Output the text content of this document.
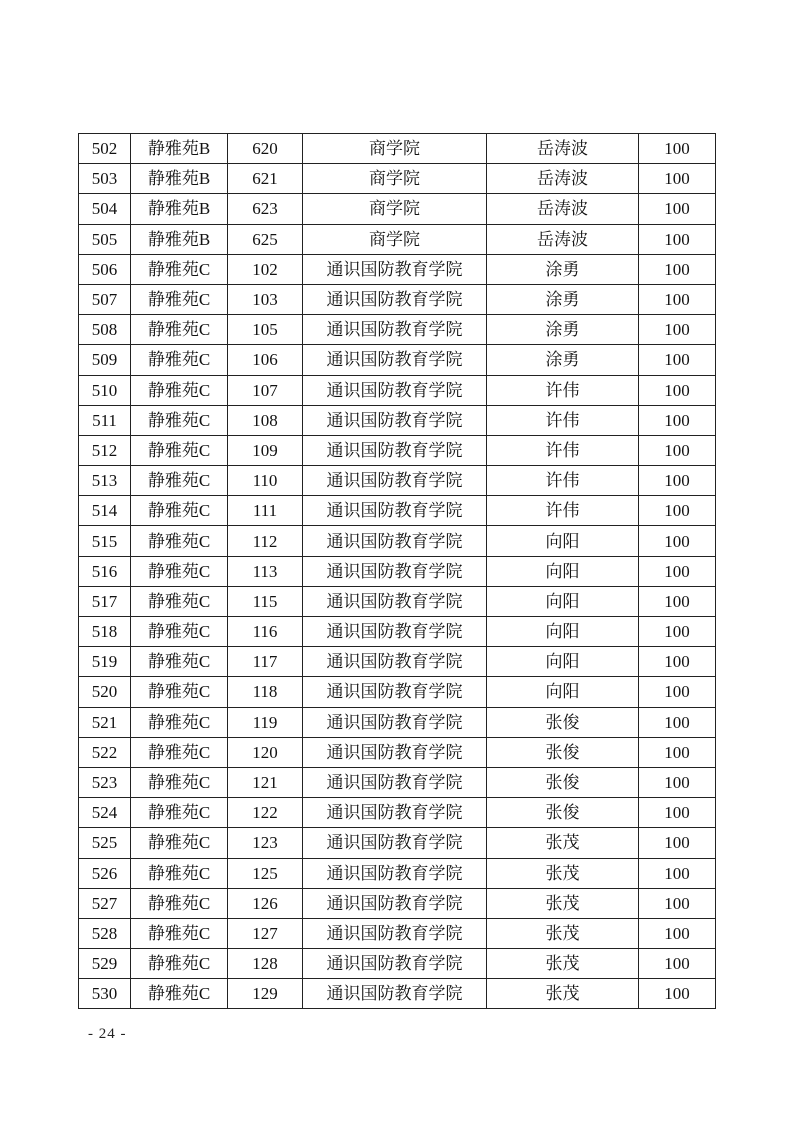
502	静雅苑B	620	商学院	岳涛波	100
503	静雅苑B	621	商学院	岳涛波	100
504	静雅苑B	623	商学院	岳涛波	100
505	静雅苑B	625	商学院	岳涛波	100
506	静雅苑C	102	通识国防教育学院	涂勇	100
507	静雅苑C	103	通识国防教育学院	涂勇	100
508	静雅苑C	105	通识国防教育学院	涂勇	100
509	静雅苑C	106	通识国防教育学院	涂勇	100
510	静雅苑C	107	通识国防教育学院	许伟	100
511	静雅苑C	108	通识国防教育学院	许伟	100
512	静雅苑C	109	通识国防教育学院	许伟	100
513	静雅苑C	110	通识国防教育学院	许伟	100
514	静雅苑C	111	通识国防教育学院	许伟	100
515	静雅苑C	112	通识国防教育学院	向阳	100
516	静雅苑C	113	通识国防教育学院	向阳	100
517	静雅苑C	115	通识国防教育学院	向阳	100
518	静雅苑C	116	通识国防教育学院	向阳	100
519	静雅苑C	117	通识国防教育学院	向阳	100
520	静雅苑C	118	通识国防教育学院	向阳	100
521	静雅苑C	119	通识国防教育学院	张俊	100
522	静雅苑C	120	通识国防教育学院	张俊	100
523	静雅苑C	121	通识国防教育学院	张俊	100
524	静雅苑C	122	通识国防教育学院	张俊	100
525	静雅苑C	123	通识国防教育学院	张茂	100
526	静雅苑C	125	通识国防教育学院	张茂	100
527	静雅苑C	126	通识国防教育学院	张茂	100
528	静雅苑C	127	通识国防教育学院	张茂	100
529	静雅苑C	128	通识国防教育学院	张茂	100
530	静雅苑C	129	通识国防教育学院	张茂	100
- 24 -
